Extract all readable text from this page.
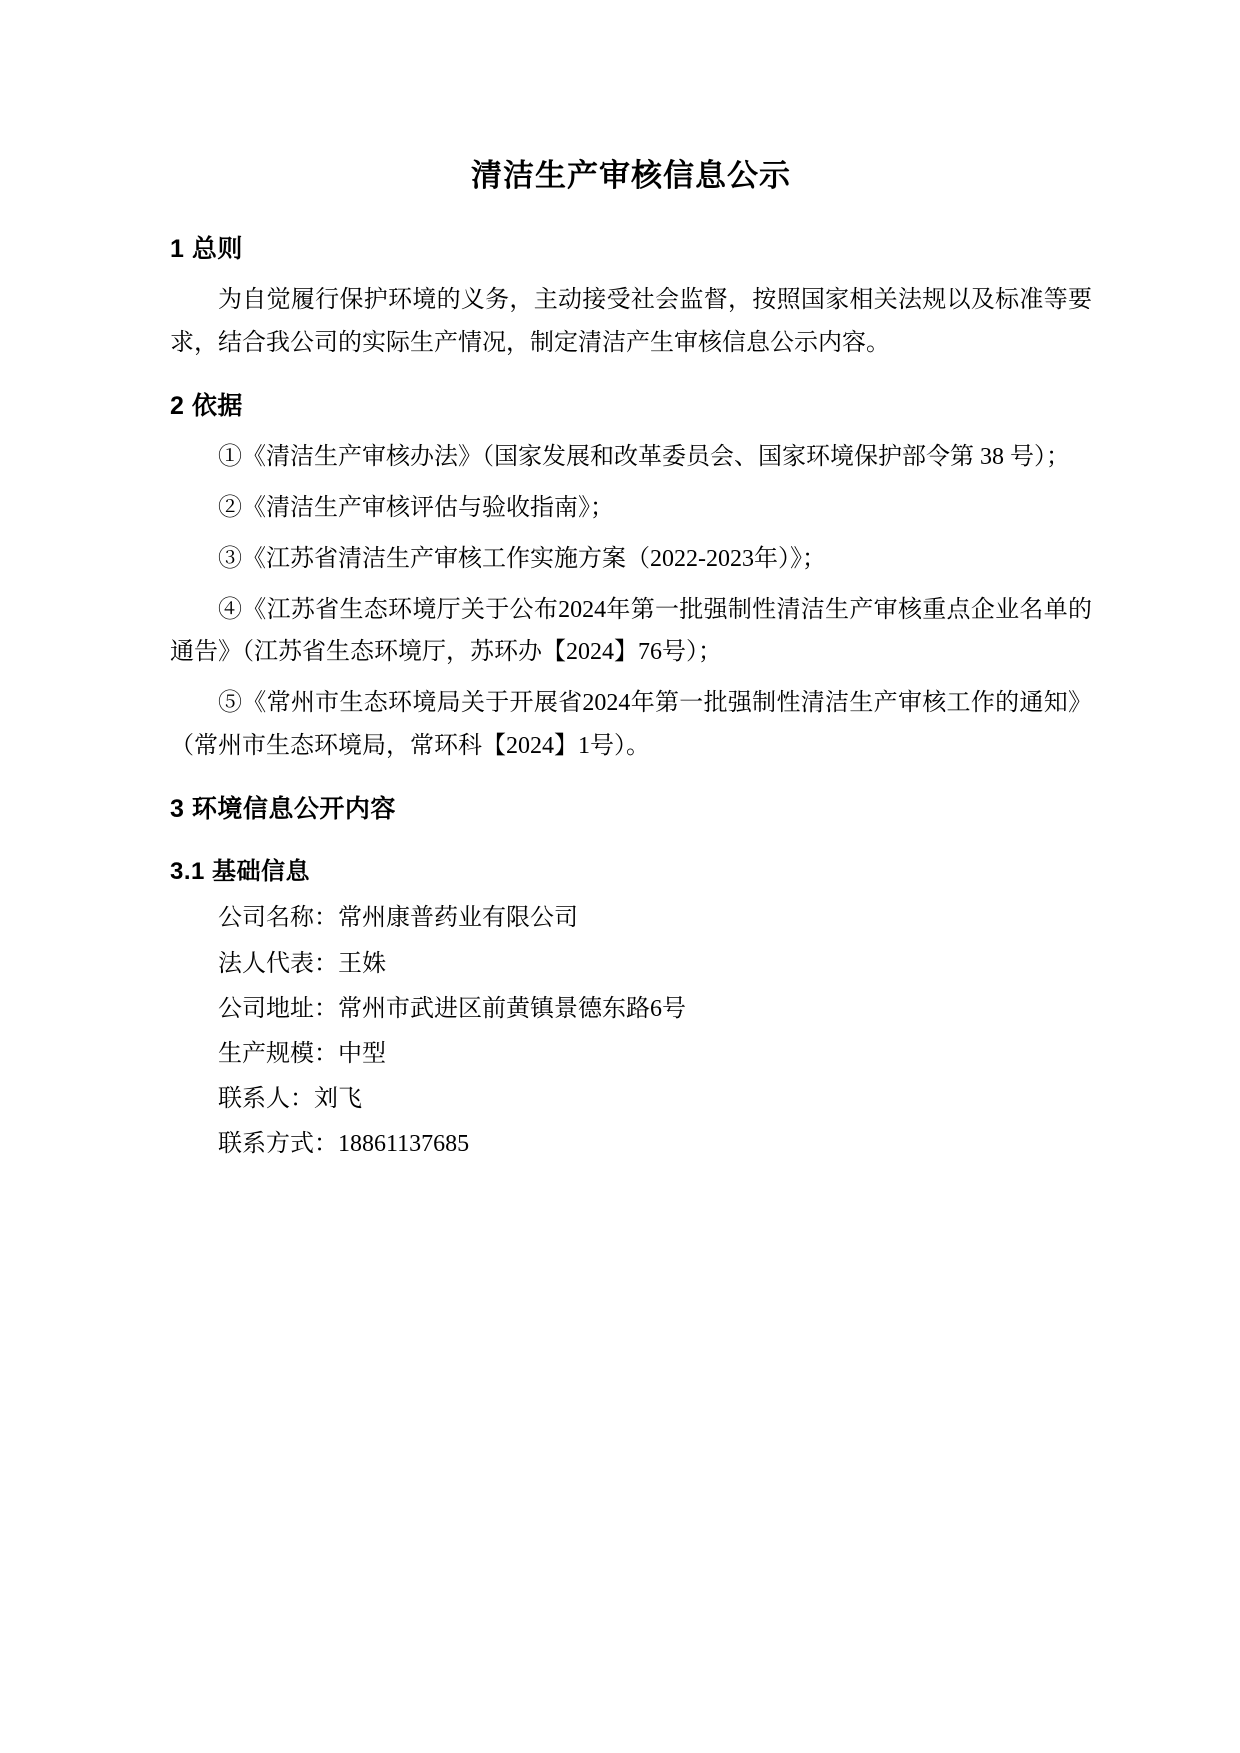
清洁生产审核信息公示
1 总则

为自觉履行保护环境的义务，主动接受社会监督，按照国家相关法规以及标准等要求，结合我公司的实际生产情况，制定清洁产生审核信息公示内容。

2 依据

①《清洁生产审核办法》（国家发展和改革委员会、国家环境保护部令第 38 号）；

②《清洁生产审核评估与验收指南》；

③《江苏省清洁生产审核工作实施方案（2022-2023年）》；

④《江苏省生态环境厅关于公布2024年第一批强制性清洁生产审核重点企业名单的通告》（江苏省生态环境厅，苏环办【2024】76号）；

⑤《常州市生态环境局关于开展省2024年第一批强制性清洁生产审核工作的通知》（常州市生态环境局，常环科【2024】1号）。

3 环境信息公开内容
3.1 基础信息
公司名称：常州康普药业有限公司
法人代表：王姝
公司地址：常州市武进区前黄镇景德东路6号
生产规模：中型
联系人：刘飞
联系方式：18861137685
